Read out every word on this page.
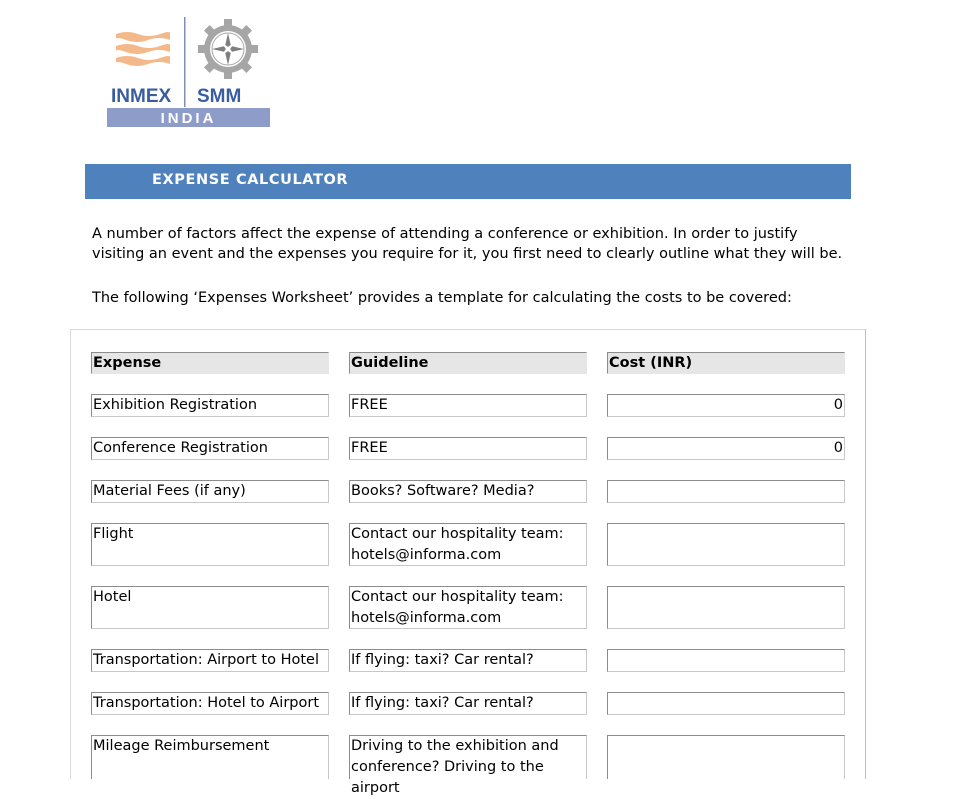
INMEX SMM
INDIA
EXPENSE CALCULATOR

A number of factors affect the expense of attending a conference or exhibition. In order to justify visiting an event and the expenses you require for it, you first need to clearly outline what they will be.

The following ‘Expenses Worksheet’ provides a template for calculating the costs to be covered:

Expense	Guideline	Cost (INR)
Exhibition Registration	FREE	0
Conference Registration	FREE	0
Material Fees (if any)	Books? Software? Media?
Flight	Contact our hospitality team: hotels@informa.com
Hotel	Contact our hospitality team: hotels@informa.com
Transportation: Airport to Hotel	If flying: taxi? Car rental?
Transportation: Hotel to Airport	If flying: taxi? Car rental?
Mileage Reimbursement	Driving to the exhibition and conference? Driving to the airport
